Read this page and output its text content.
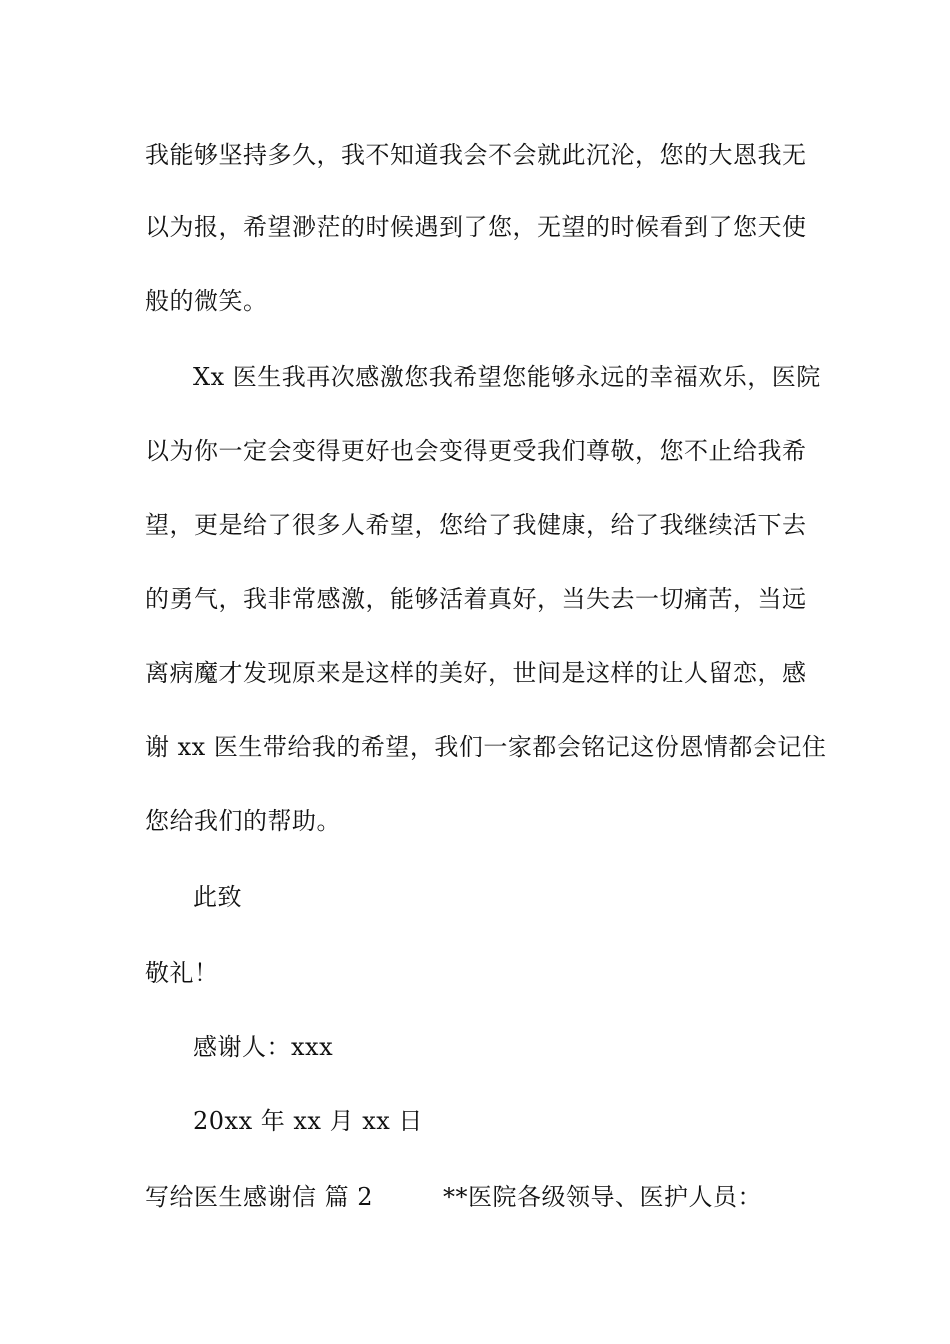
我能够坚持多久，我不知道我会不会就此沉沦，您的大恩我无
以为报，希望渺茫的时候遇到了您，无望的时候看到了您天使
般的微笑。
Xx 医生我再次感激您我希望您能够永远的幸福欢乐，医院
以为你一定会变得更好也会变得更受我们尊敬，您不止给我希
望，更是给了很多人希望，您给了我健康，给了我继续活下去
的勇气，我非常感激，能够活着真好，当失去一切痛苦，当远
离病魔才发现原来是这样的美好，世间是这样的让人留恋，感
谢 xx 医生带给我的希望，我们一家都会铭记这份恩情都会记住
您给我们的帮助。
此致
敬礼！
感谢人：xxx
20xx 年 xx 月 xx 日
写给医生感谢信 篇 2	**医院各级领导、医护人员：
